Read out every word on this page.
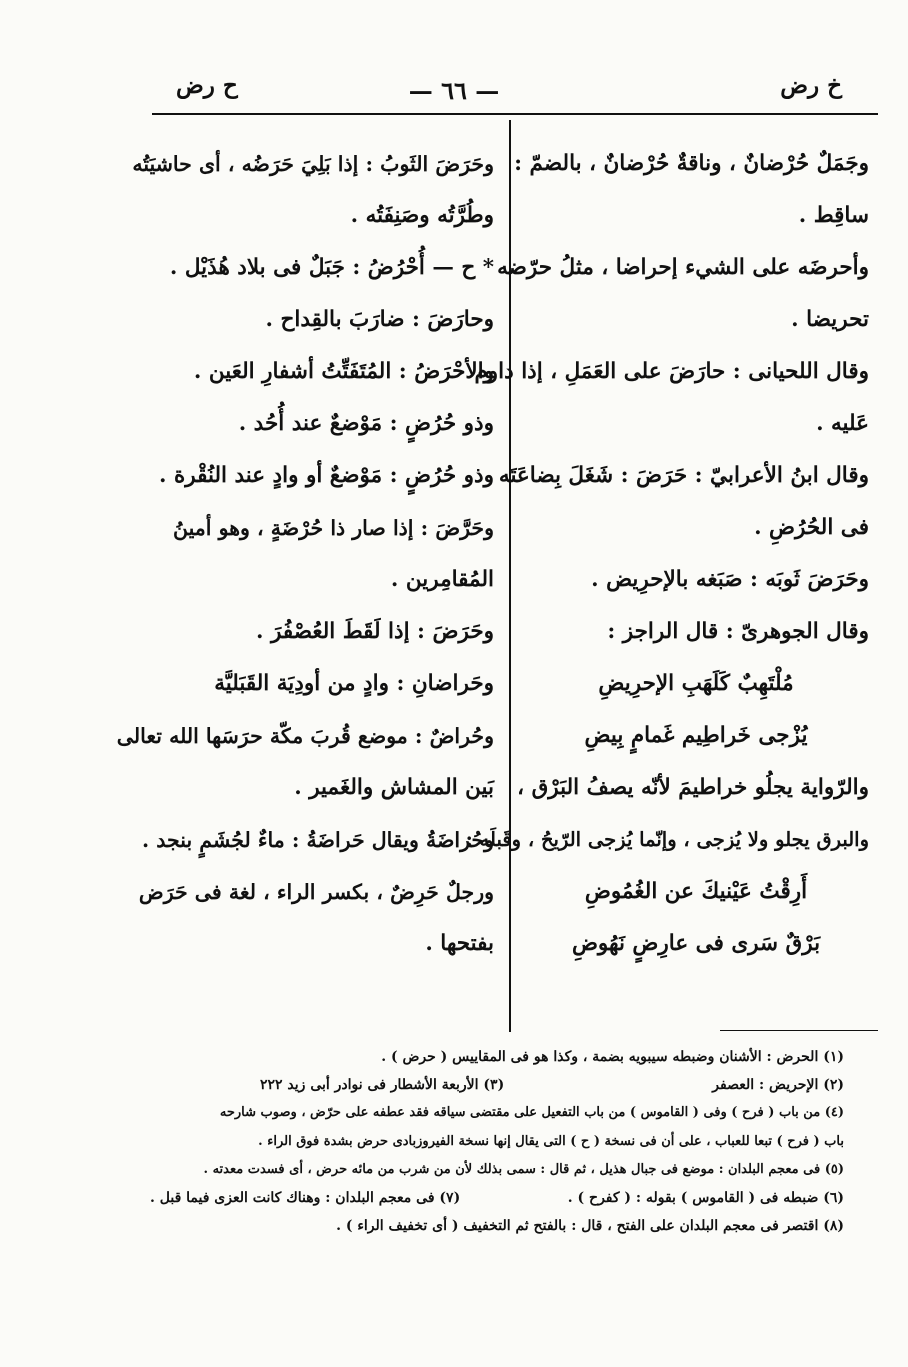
خ رض
— ٦٦ —
ح رض
وجَمَلٌ حُرْضانٌ ، وناقةٌ حُرْضانٌ ، بالضمّ :
ساقِط .
وأحرضَه على الشيء إحراضا ، مثلُ حرّضه
تحريضا .
وقال اللحيانى : حارَضَ على العَمَلِ ، إذا داوم
عَليه .
وقال ابنُ الأعرابيّ : حَرَضَ : شَغَلَ بِضاعَتَه
فى الحُرُضِ .
وحَرَضَ ثَوبَه : صَبَغه بالإحرِيض .
وقال الجوهرىّ : قال الراجز :
مُلْتَهِبٌ كَلَهَبِ الإحرِيضِ
يُزْجى خَراطِيم غَمامٍ بِيضِ
والرّواية يجلُو خراطيمَ لأنّه يصفُ البَرْق ،
والبرق يجلو ولا يُزجى ، وإنّما يُزجى الرّيحُ ، وقَبلَه :
أَرِقْتُ عَيْنيكَ عن الغُمُوضِ
بَرْقٌ سَرى فى عارِضٍ نَهُوضِ
وحَرَضَ الثَوبُ : إذا بَلِيَ حَرَضُه ، أى حاشيَتُه
وطُرَّتُه وصَنِفَتُه .
* ح — أُحْرُضُ : جَبَلٌ فى بلاد هُذَيْل .
وحارَضَ : ضارَبَ بالقِداح .
والأحْرَضُ : المُتَفَتِّتُ أشفارِ العَين .
وذو حُرُضٍ : مَوْضعٌ عند أُحُد .
وذو حُرُضٍ : مَوْضعٌ أو وادٍ عند النُقْرة .
وحَرَّضَ : إذا صار ذا حُرْضَةٍ ، وهو أمينُ
المُقامِرين .
وحَرَضَ : إذا لَقَطَ العُصْفُرَ .
وحَراضانِ : وادٍ من أودِيَة القَبَليَّة
وحُراضٌ : موضع قُربَ مكّة حرَسَها الله تعالى
بَين المشاش والغَمير .
وحُراضَةُ ويقال حَراضَةُ : ماءٌ لجُشَمٍ بنجد .
ورجلٌ حَرِضٌ ، بكسر الراء ، لغة فى حَرَض
بفتحها .
(١) الحرض : الأشنان وضبطه سيبويه بضمة ، وكذا هو فى المقاييس ( حرض ) .
(٢) الإحريض : العصفر
(٣) الأربعة الأشطار فى نوادر أبى زيد ٢٢٢
(٤) من باب ( فرح ) وفى ( القاموس ) من باب التفعيل على مقتضى سياقه فقد عطفه على حرّض ، وصوب شارحه
باب ( فرح ) تبعا للعباب ، على أن فى نسخة ( ح ) التى يقال إنها نسخة الفيروزبادى حرض بشدة فوق الراء .
(٥) فى معجم البلدان : موضع فى جبال هذيل ، ثم قال : سمى بذلك لأن من شرب من مائه حرض ، أى فسدت معدته .
(٦) ضبطه فى ( القاموس ) بقوله : ( كفرح ) .
(٧) فى معجم البلدان : وهناك كانت العزى فيما قبل .
(٨) اقتصر فى معجم البلدان على الفتح ، قال : بالفتح ثم التخفيف ( أى تخفيف الراء ) .
